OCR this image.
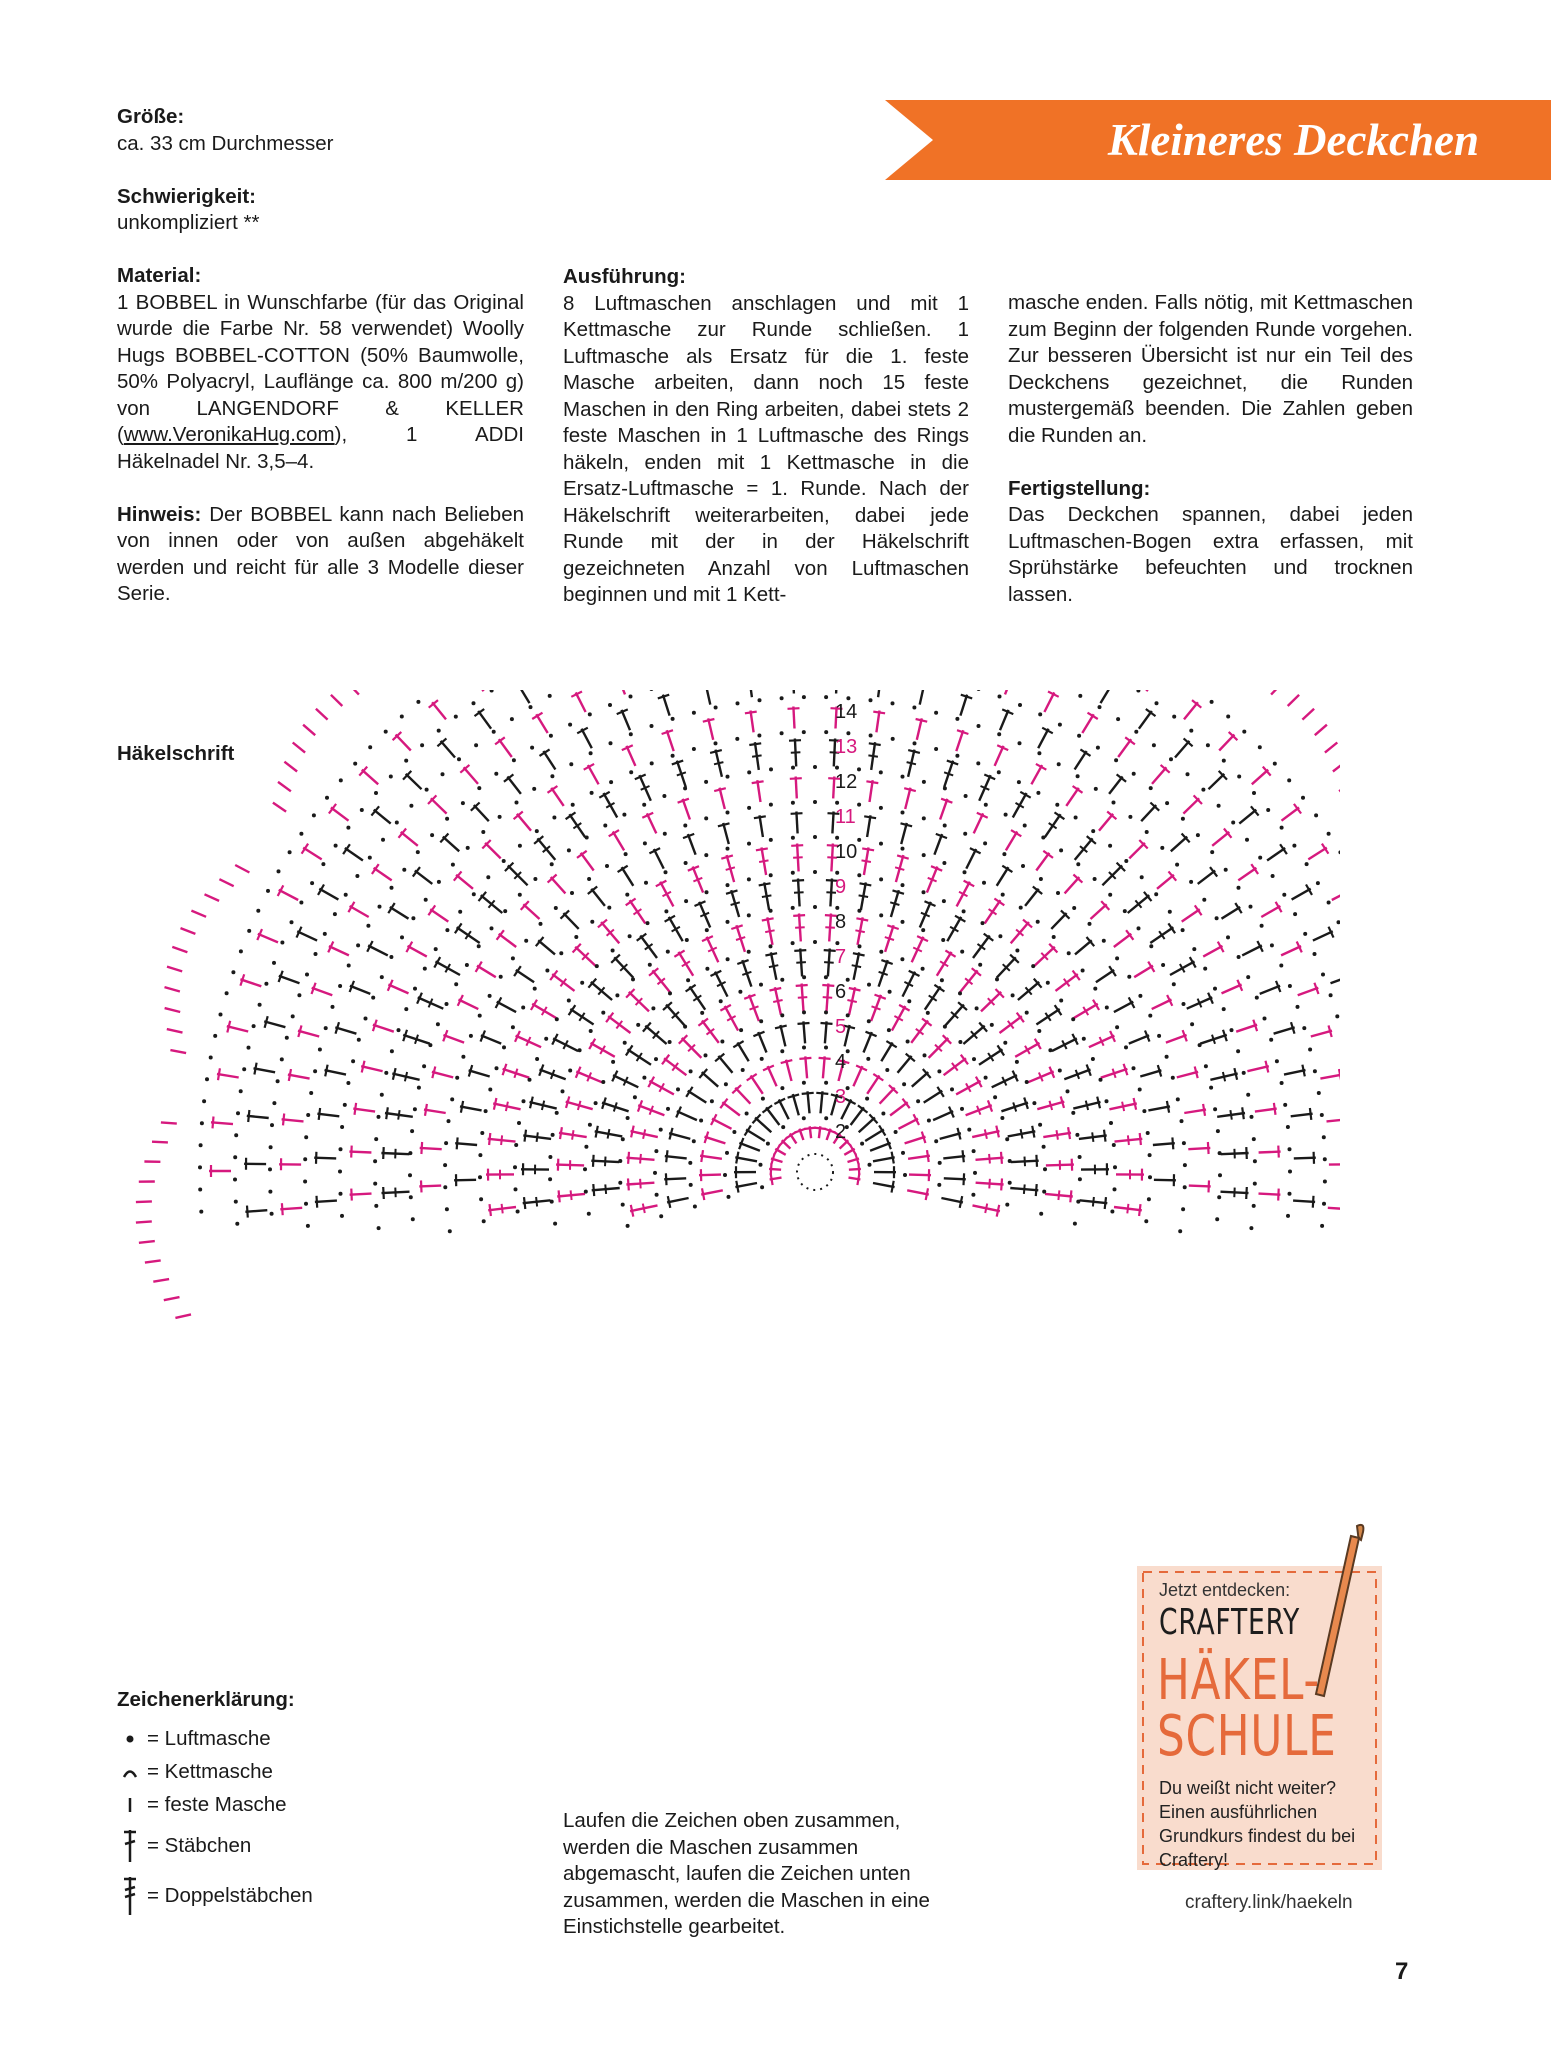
Kleineres Deckchen
Größe:

ca. 33 cm Durchmesser

Schwierigkeit:

unkompliziert **

Material:

1 BOBBEL in Wunschfarbe (für das Original wurde die Farbe Nr. 58 verwendet) Woolly Hugs BOBBEL-COTTON (50% Baumwolle, 50% Polyacryl, Lauflänge ca. 800 m/200 g) von LANGENDORF & KELLER (www.VeronikaHug.com), 1 ADDI Häkelnadel Nr. 3,5–4.

Hinweis: Der BOBBEL kann nach Belieben von innen oder von außen abgehäkelt werden und reicht für alle 3 Modelle dieser Serie.

Ausführung:

8 Luftmaschen anschlagen und mit 1 Kettmasche zur Runde schließen. 1 Luftmasche als Ersatz für die 1. feste Masche arbeiten, dann noch 15 feste Maschen in den Ring arbeiten, dabei stets 2 feste Maschen in 1 Luftmasche des Rings häkeln, enden mit 1 Kettmasche in die Ersatz-Luftmasche = 1. Runde. Nach der Häkelschrift weiterarbeiten, dabei jede Runde mit der in der Häkelschrift gezeichneten Anzahl von Luftmaschen beginnen und mit 1 Kett-

masche enden. Falls nötig, mit Kettmaschen zum Beginn der folgenden Runde vorgehen. Zur besseren Übersicht ist nur ein Teil des Deckchens gezeichnet, die Runden mustergemäß beenden. Die Zahlen geben die Runden an.

Fertigstellung:

Das Deckchen spannen, dabei jeden Luftmaschen-Bogen extra erfassen, mit Sprühstärke befeuchten und trocknen lassen.

Häkelschrift
2
3
4
5
6
7
8
9
10
11
12
13
14
Zeichenerklärung:
= Luftmasche
= Kettmasche
= feste Masche
= Stäbchen
= Doppelstäbchen
Laufen die Zeichen oben zusammen, werden die Maschen zusammen abgemascht, laufen die Zeichen unten zusammen, werden die Maschen in eine Einstichstelle gearbeitet.
Jetzt entdecken:
CRAFTERY
HÄKEL-
SCHULE
Du weißt nicht weiter? Einen ausführlichen Grundkurs findest du bei Craftery!
craftery.link/haekeln
7
